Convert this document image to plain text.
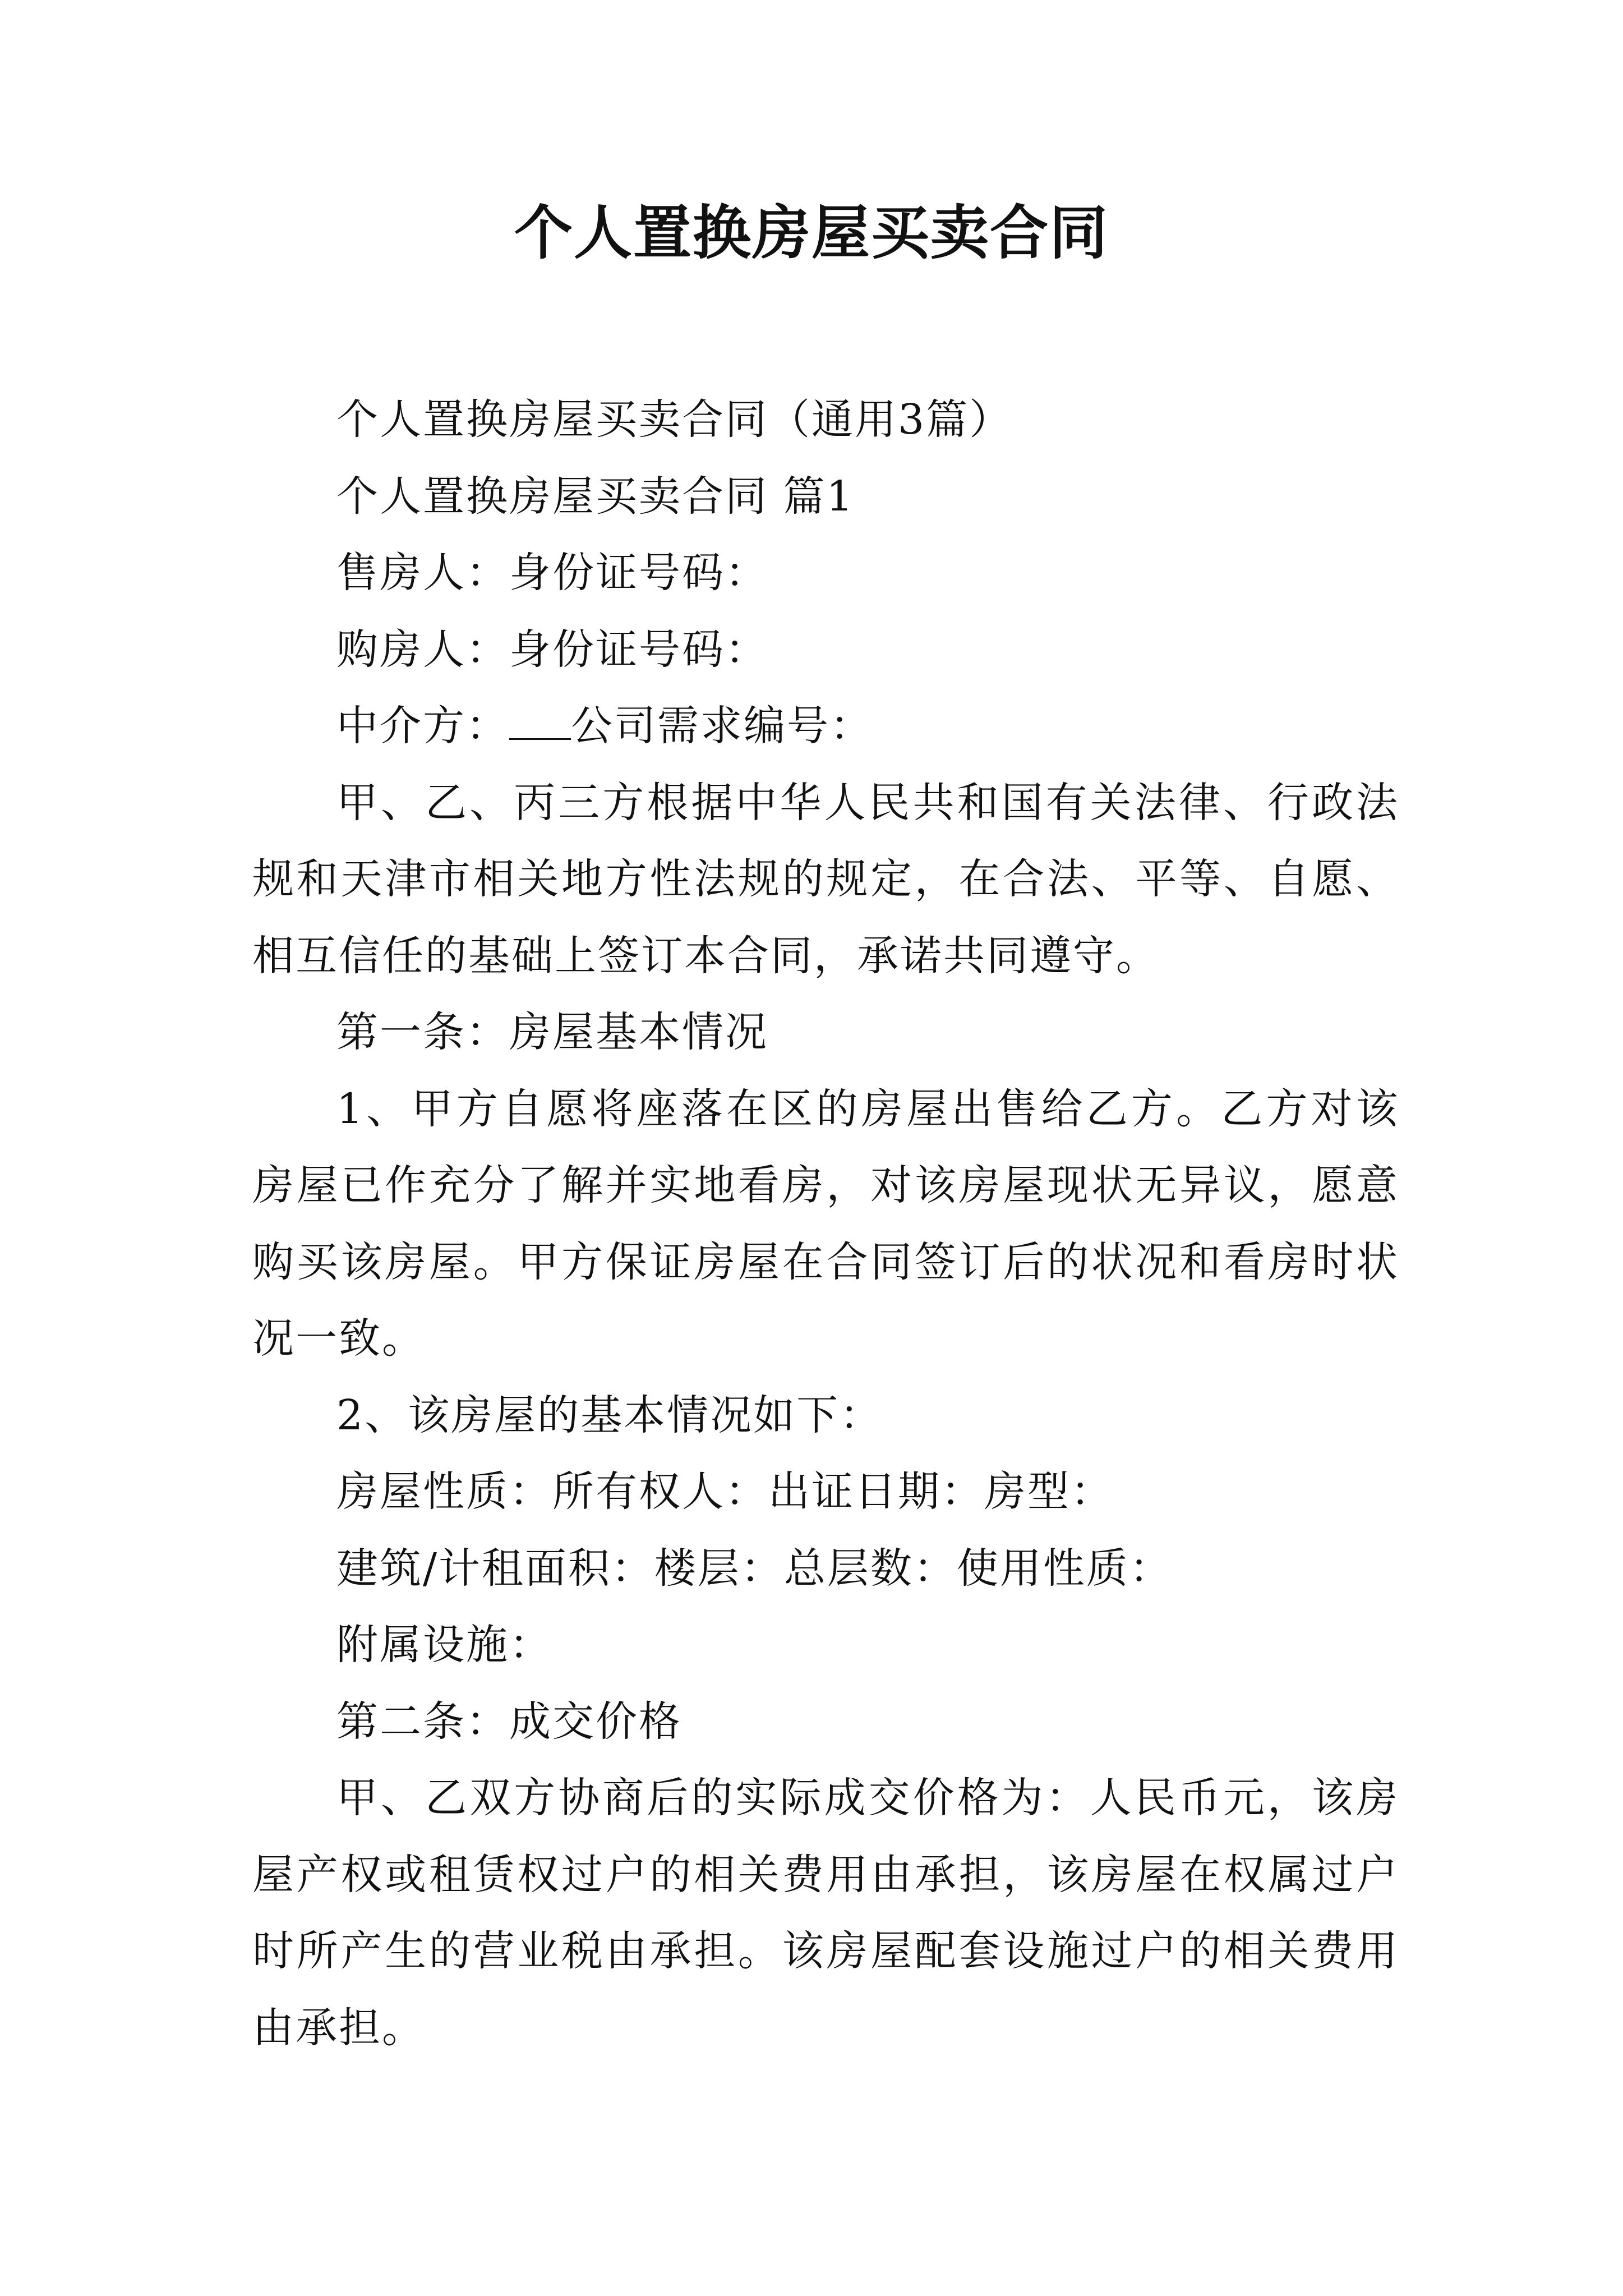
个人置换房屋买卖合同

个人置换房屋买卖合同（通用3篇）

个人置换房屋买卖合同 篇1

售房人：身份证号码：

购房人：身份证号码：

中介方： 公司需求编号：

甲、乙、丙三方根据中华人民共和国有关法律、行政法规和天津市相关地方性法规的规定，在合法、平等、自愿、相互信任的基础上签订本合同，承诺共同遵守。

第一条：房屋基本情况

1、甲方自愿将座落在区的房屋出售给乙方。乙方对该房屋已作充分了解并实地看房，对该房屋现状无异议，愿意购买该房屋。甲方保证房屋在合同签订后的状况和看房时状况一致。

2、该房屋的基本情况如下：

房屋性质：所有权人：出证日期：房型：

建筑/计租面积：楼层：总层数：使用性质：

附属设施：

第二条：成交价格

甲、乙双方协商后的实际成交价格为：人民币元，该房屋产权或租赁权过户的相关费用由承担，该房屋在权属过户时所产生的营业税由承担。该房屋配套设施过户的相关费用由承担。
